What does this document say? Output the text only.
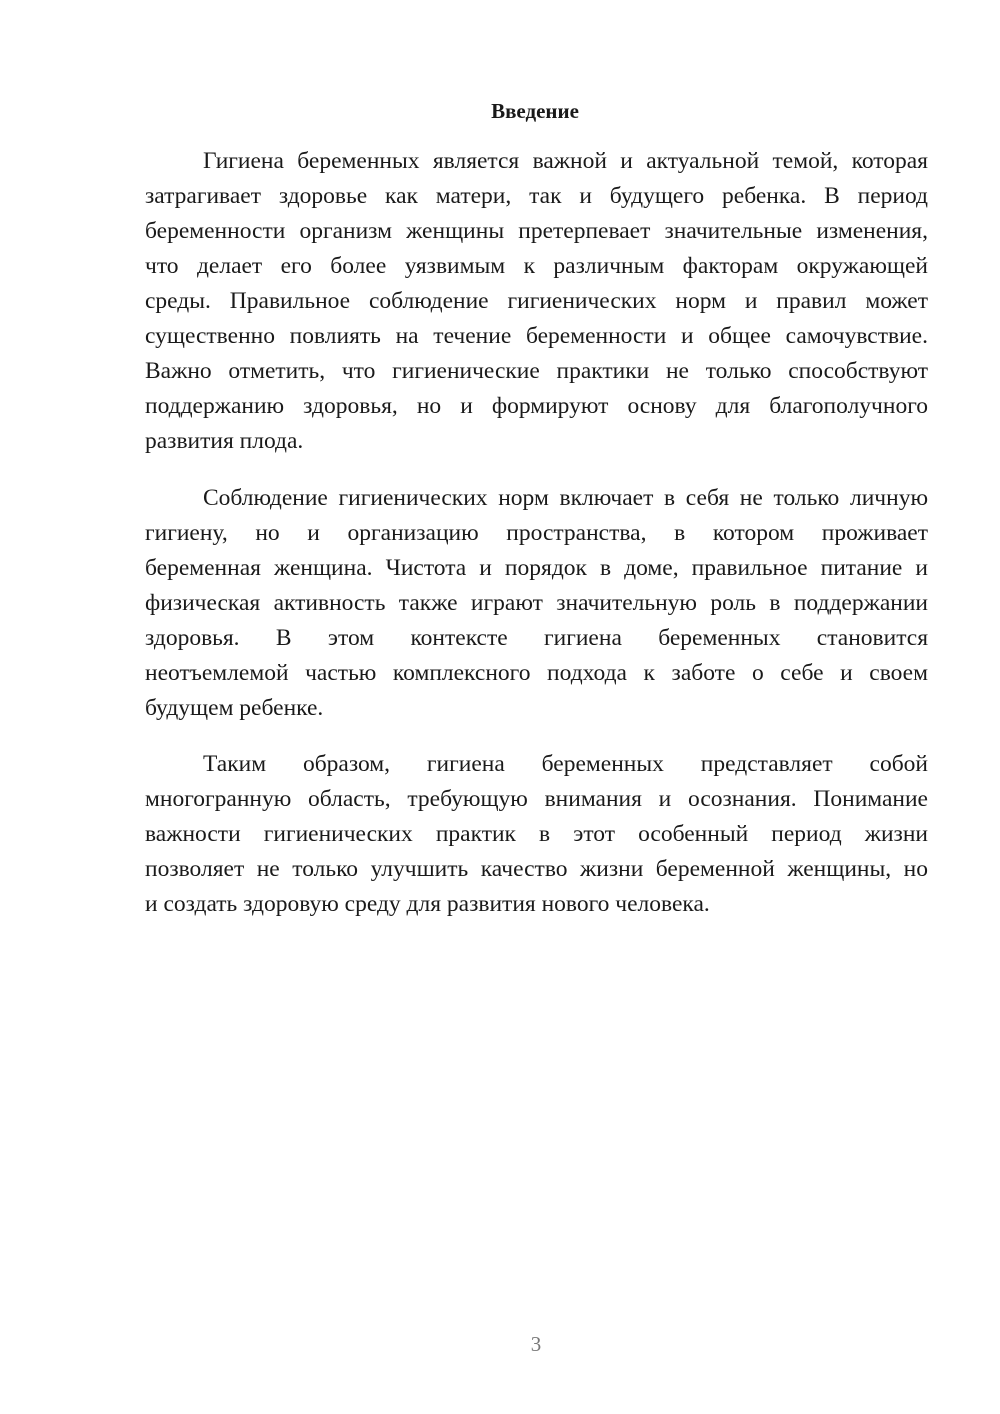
Введение
Гигиена беременных является важной и актуальной темой, которая
затрагивает здоровье как матери, так и будущего ребенка. В период
беременности организм женщины претерпевает значительные изменения,
что делает его более уязвимым к различным факторам окружающей
среды. Правильное соблюдение гигиенических норм и правил может
существенно повлиять на течение беременности и общее самочувствие.
Важно отметить, что гигиенические практики не только способствуют
поддержанию здоровья, но и формируют основу для благополучного
развития плода.
Соблюдение гигиенических норм включает в себя не только личную
гигиену, но и организацию пространства, в котором проживает
беременная женщина. Чистота и порядок в доме, правильное питание и
физическая активность также играют значительную роль в поддержании
здоровья. В этом контексте гигиена беременных становится
неотъемлемой частью комплексного подхода к заботе о себе и своем
будущем ребенке.
Таким образом, гигиена беременных представляет собой
многогранную область, требующую внимания и осознания. Понимание
важности гигиенических практик в этот особенный период жизни
позволяет не только улучшить качество жизни беременной женщины, но
и создать здоровую среду для развития нового человека.
3
